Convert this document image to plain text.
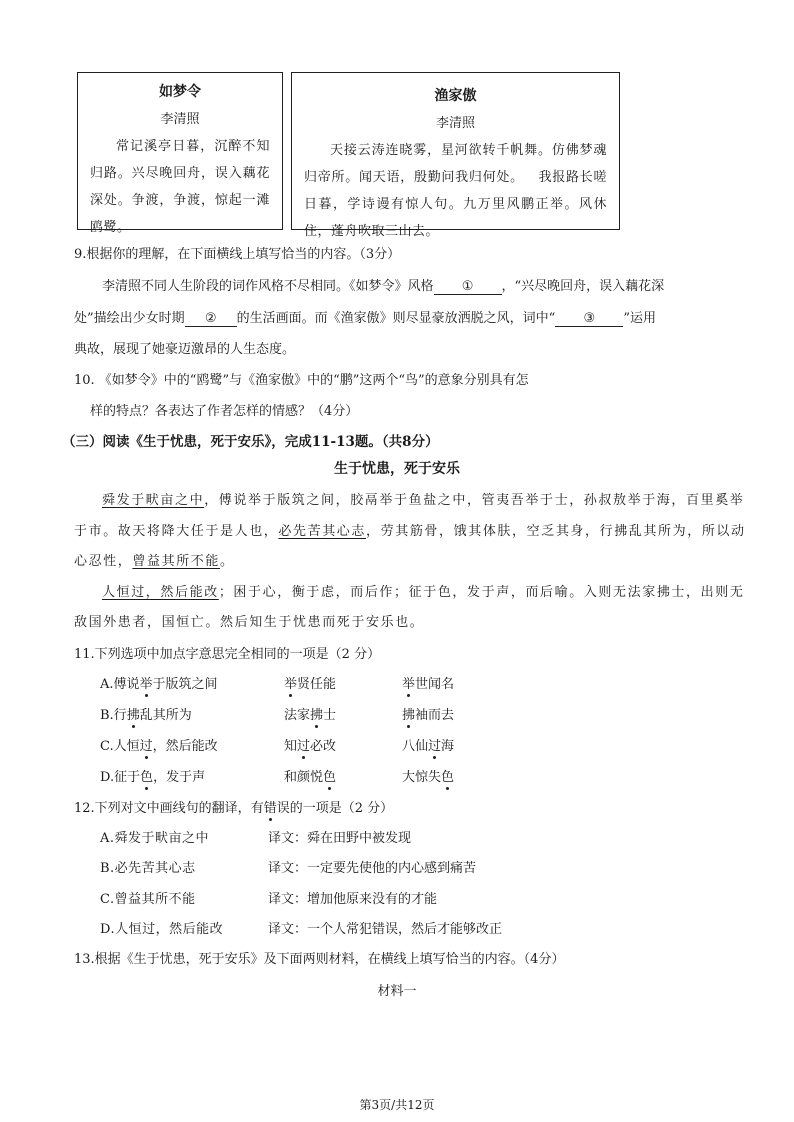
如梦令
李清照
常记溪亭日暮，沉醉不知归路。兴尽晚回舟，误入藕花深处。争渡，争渡，惊起一滩鸥鹭。
渔家傲
李清照
天接云涛连晓雾，星河欲转千帆舞。仿佛梦魂归帝所。闻天语，殷勤问我归何处。   我报路长嗟日暮，学诗谩有惊人句。九万里风鹏正举。风休住，蓬舟吹取三山去。
9.根据你的理解，在下面横线上填写恰当的内容。（3分）
李清照不同人生阶段的词作风格不尽相同。《如梦令》风格 ① ，“兴尽晚回舟，误入藕花深
处”描绘出少女时期 ② 的生活画面。而《渔家傲》则尽显豪放洒脱之风，词中“ ③ ”运用
典故，展现了她豪迈激昂的人生态度。
10. 《如梦令》中的“鸥鹭”与《渔家傲》中的“鹏”这两个“鸟”的意象分别具有怎
样的特点？各表达了作者怎样的情感？（4分）
（三）阅读《生于忧患，死于安乐》，完成11-13题。（共8分）
生于忧患，死于安乐
舜发于畎亩之中，傅说举于版筑之间，胶鬲举于鱼盐之中，管夷吾举于士，孙叔敖举于海，百里奚举
于市。故天将降大任于是人也，必先苦其心志，劳其筋骨，饿其体肤，空乏其身，行拂乱其所为，所以动
心忍性，曾益其所不能。
人恒过，然后能改；困于心，衡于虑，而后作；征于色，发于声，而后喻。入则无法家拂士，出则无
敌国外患者，国恒亡。然后知生于忧患而死于安乐也。
11.下列选项中加点字意思完全相同的一项是（2 分）
A.傅说举于版筑之间	举贤任能	举世闻名
B.行拂乱其所为	法家拂士	拂袖而去
C.人恒过，然后能改	知过必改	八仙过海
D.征于色，发于声	和颜悦色	大惊失色
12.下列对文中画线句的翻译，有错误的一项是（2 分）
A.舜发于畎亩之中	译文：舜在田野中被发现
B.必先苦其心志	译文：一定要先使他的内心感到痛苦
C.曾益其所不能	译文：增加他原来没有的才能
D.人恒过，然后能改	译文：一个人常犯错误，然后才能够改正
13.根据《生于忧患，死于安乐》及下面两则材料，在横线上填写恰当的内容。（4分）
材料一
第3页/共12页
